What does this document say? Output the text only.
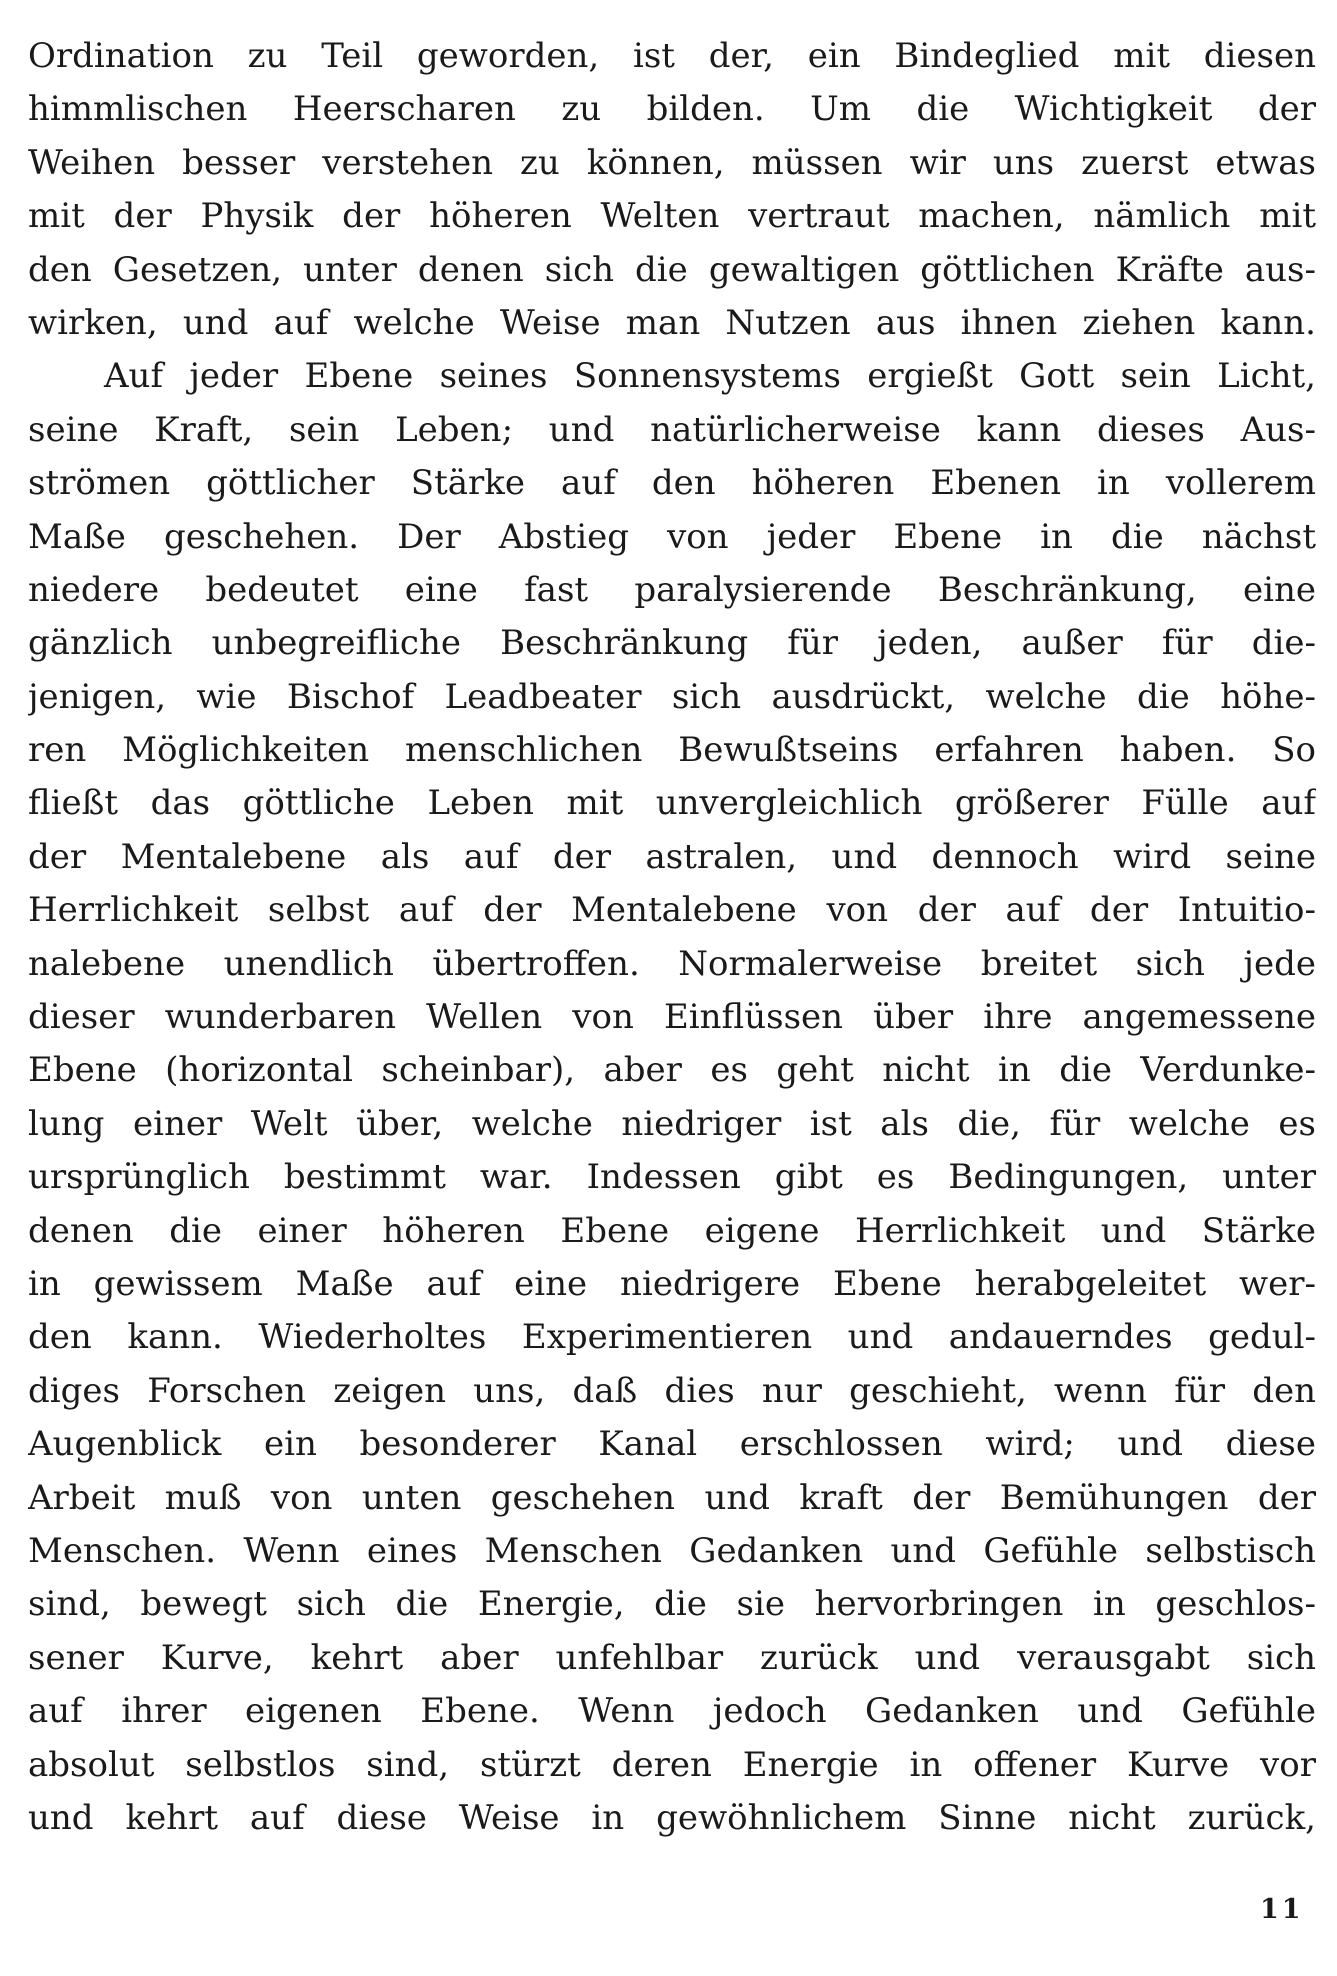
Ordination zu Teil geworden, ist der, ein Bindeglied mit diesen
himmlischen Heerscharen zu bilden. Um die Wichtigkeit der
Weihen besser verstehen zu können, müssen wir uns zuerst etwas
mit der Physik der höheren Welten vertraut machen, nämlich mit
den Gesetzen, unter denen sich die gewaltigen göttlichen Kräfte aus-
wirken, und auf welche Weise man Nutzen aus ihnen ziehen kann.
Auf jeder Ebene seines Sonnensystems ergießt Gott sein Licht,
seine Kraft, sein Leben; und natürlicherweise kann dieses Aus-
strömen göttlicher Stärke auf den höheren Ebenen in vollerem
Maße geschehen. Der Abstieg von jeder Ebene in die nächst
niedere bedeutet eine fast paralysierende Beschränkung, eine
gänzlich unbegreifliche Beschränkung für jeden, außer für die-
jenigen, wie Bischof Leadbeater sich ausdrückt, welche die höhe-
ren Möglichkeiten menschlichen Bewußtseins erfahren haben. So
fließt das göttliche Leben mit unvergleichlich größerer Fülle auf
der Mentalebene als auf der astralen, und dennoch wird seine
Herrlichkeit selbst auf der Mentalebene von der auf der Intuitio-
nalebene unendlich übertroffen. Normalerweise breitet sich jede
dieser wunderbaren Wellen von Einflüssen über ihre angemessene
Ebene (horizontal scheinbar), aber es geht nicht in die Verdunke-
lung einer Welt über, welche niedriger ist als die, für welche es
ursprünglich bestimmt war. Indessen gibt es Bedingungen, unter
denen die einer höheren Ebene eigene Herrlichkeit und Stärke
in gewissem Maße auf eine niedrigere Ebene herabgeleitet wer-
den kann. Wiederholtes Experimentieren und andauerndes gedul-
diges Forschen zeigen uns, daß dies nur geschieht, wenn für den
Augenblick ein besonderer Kanal erschlossen wird; und diese
Arbeit muß von unten geschehen und kraft der Bemühungen der
Menschen. Wenn eines Menschen Gedanken und Gefühle selbstisch
sind, bewegt sich die Energie, die sie hervorbringen in geschlos-
sener Kurve, kehrt aber unfehlbar zurück und verausgabt sich
auf ihrer eigenen Ebene. Wenn jedoch Gedanken und Gefühle
absolut selbstlos sind, stürzt deren Energie in offener Kurve vor
und kehrt auf diese Weise in gewöhnlichem Sinne nicht zurück,
11
